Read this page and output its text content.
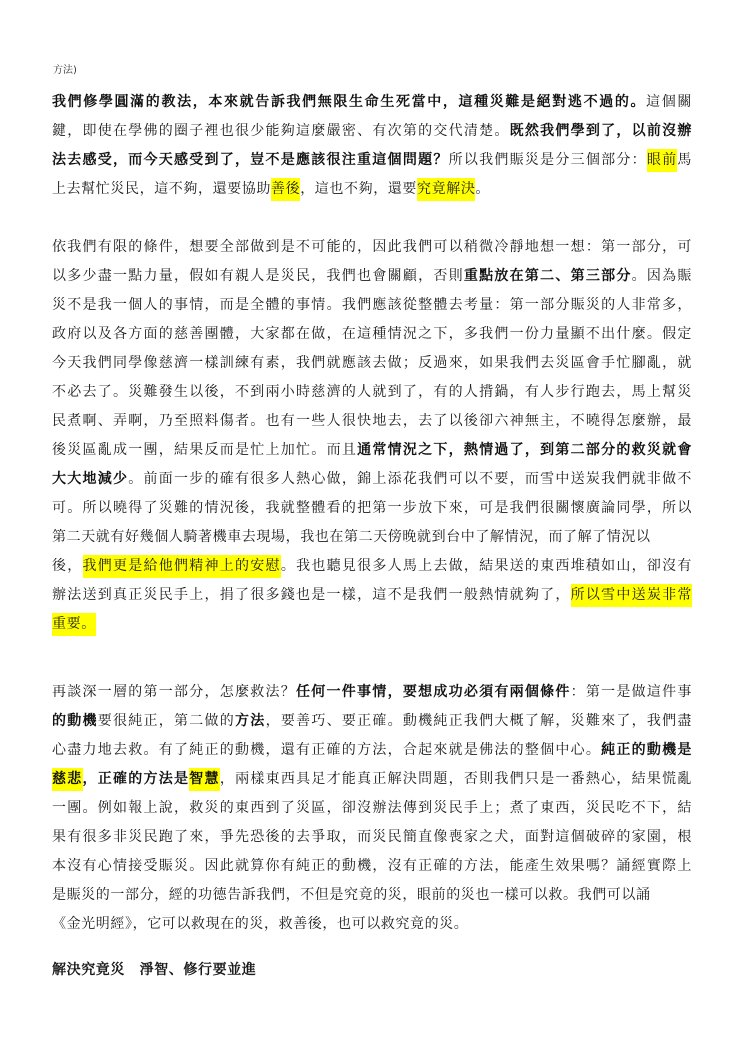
方法)
我們修學圓滿的教法，本來就告訴我們無限生命生死當中，這種災難是絕對逃不過的。這個關
鍵，即使在學佛的圈子裡也很少能夠這麼嚴密、有次第的交代清楚。既然我們學到了，以前沒辦
法去感受，而今天感受到了，豈不是應該很注重這個問題？所以我們賑災是分三個部分：眼前馬
上去幫忙災民，這不夠，還要協助善後，這也不夠，還要究竟解決。
依我們有限的條件，想要全部做到是不可能的，因此我們可以稍微冷靜地想一想：第一部分，可
以多少盡一點力量，假如有親人是災民，我們也會關顧，否則重點放在第二、第三部分。因為賑
災不是我一個人的事情，而是全體的事情。我們應該從整體去考量：第一部分賑災的人非常多，
政府以及各方面的慈善團體，大家都在做，在這種情況之下，多我們一份力量顯不出什麼。假定
今天我們同學像慈濟一樣訓練有素，我們就應該去做；反過來，如果我們去災區會手忙腳亂，就
不必去了。災難發生以後，不到兩小時慈濟的人就到了，有的人揹鍋，有人步行跑去，馬上幫災
民煮啊、弄啊，乃至照料傷者。也有一些人很快地去，去了以後卻六神無主，不曉得怎麼辦，最
後災區亂成一團，結果反而是忙上加忙。而且通常情況之下，熱情過了，到第二部分的救災就會
大大地減少。前面一步的確有很多人熱心做，錦上添花我們可以不要，而雪中送炭我們就非做不
可。所以曉得了災難的情況後，我就整體看的把第一步放下來，可是我們很關懷廣論同學，所以
第二天就有好幾個人騎著機車去現場，我也在第二天傍晚就到台中了解情況，而了解了情況以
後，我們更是給他們精神上的安慰。我也聽見很多人馬上去做，結果送的東西堆積如山，卻沒有
辦法送到真正災民手上，捐了很多錢也是一樣，這不是我們一般熱情就夠了，所以雪中送炭非常
重要。
再談深一層的第一部分，怎麼救法？任何一件事情，要想成功必須有兩個條件：第一是做這件事
的動機要很純正，第二做的方法，要善巧、要正確。動機純正我們大概了解，災難來了，我們盡
心盡力地去救。有了純正的動機，還有正確的方法，合起來就是佛法的整個中心。純正的動機是
慈悲，正確的方法是智慧，兩樣東西具足才能真正解決問題，否則我們只是一番熱心，結果慌亂
一團。例如報上說，救災的東西到了災區，卻沒辦法傳到災民手上；煮了東西，災民吃不下，結
果有很多非災民跑了來，爭先恐後的去爭取，而災民簡直像喪家之犬，面對這個破碎的家園，根
本沒有心情接受賑災。因此就算你有純正的動機，沒有正確的方法，能產生效果嗎？誦經實際上
是賑災的一部分，經的功德告訴我們，不但是究竟的災，眼前的災也一樣可以救。我們可以誦
《金光明經》，它可以救現在的災，救善後，也可以救究竟的災。
解決究竟災　淨智、修行要並進
